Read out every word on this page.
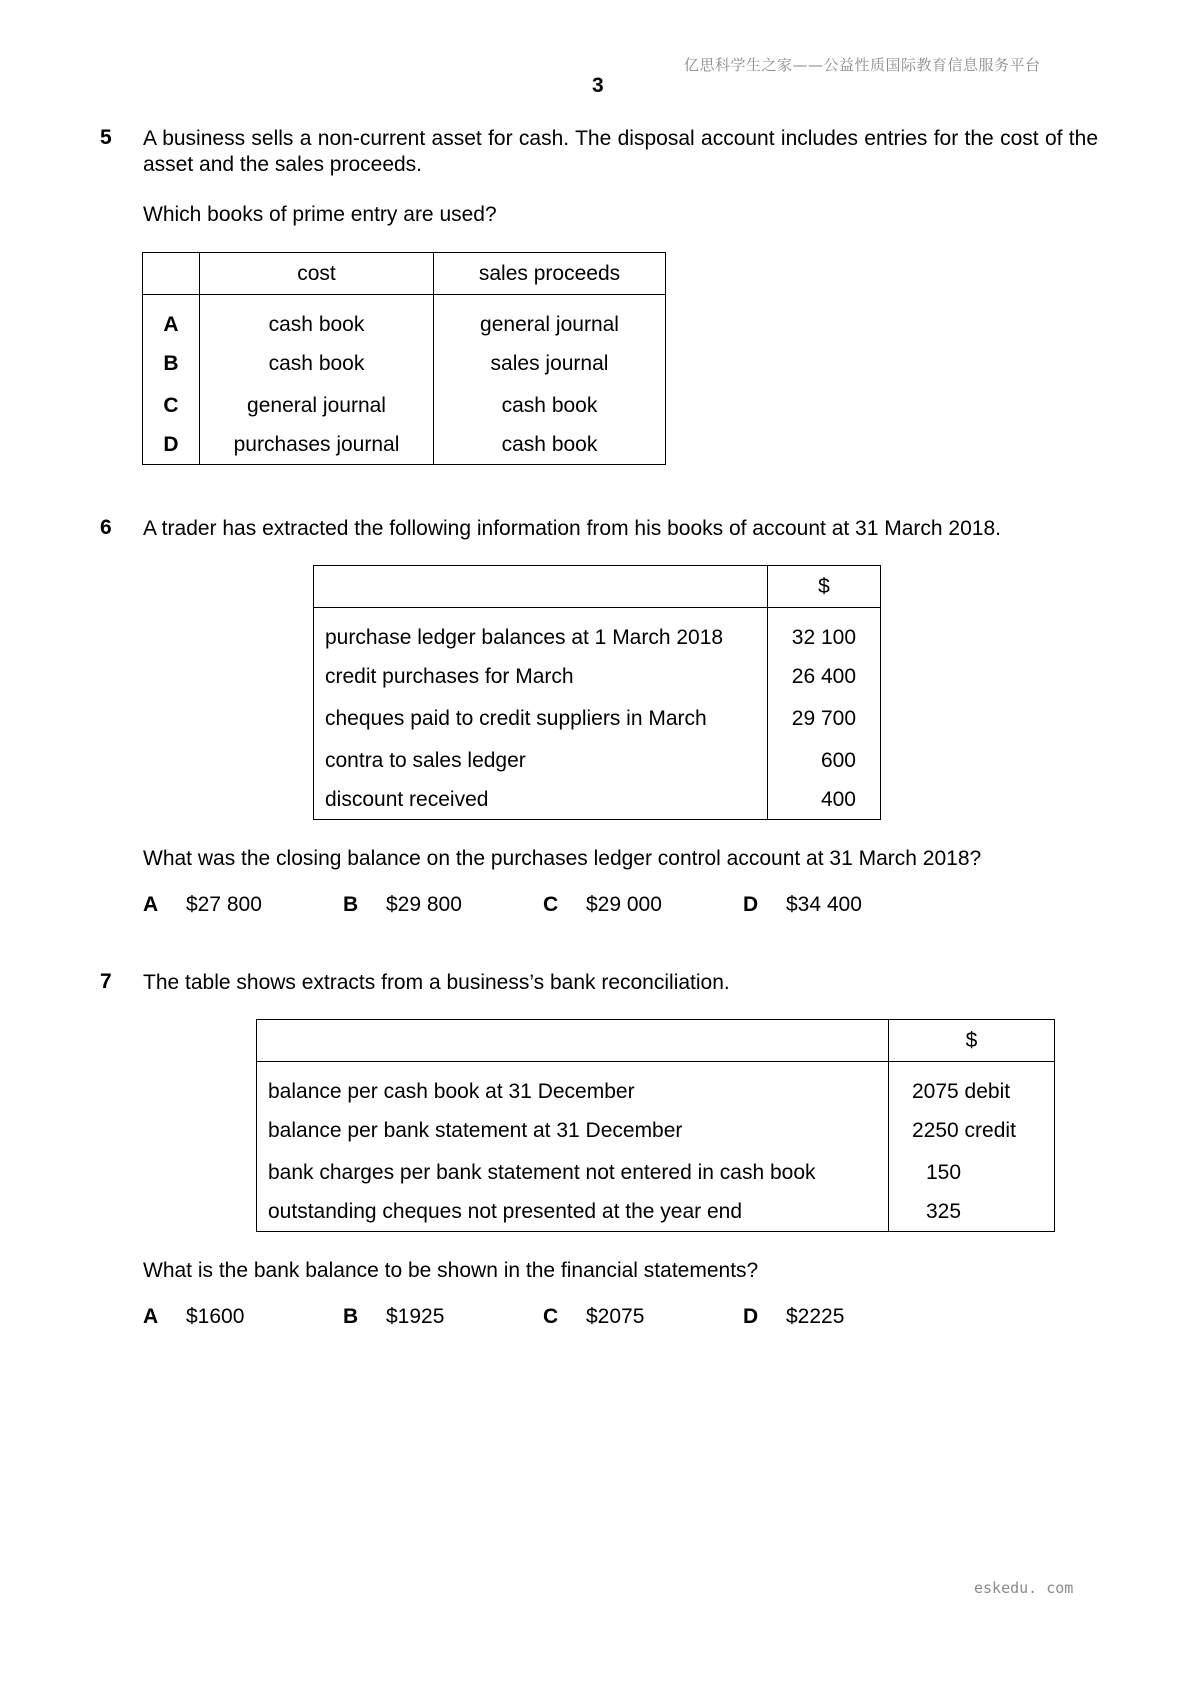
亿思科学生之家——公益性质国际教育信息服务平台
3
5 A business sells a non-current asset for cash. The disposal account includes entries for the cost of the asset and the sales proceeds.
Which books of prime entry are used?
	cost	sales proceeds
A	cash book	general journal
B	cash book	sales journal
C	general journal	cash book
D	purchases journal	cash book
6 A trader has extracted the following information from his books of account at 31 March 2018.
	$
purchase ledger balances at 1 March 2018	32 100
credit purchases for March	26 400
cheques paid to credit suppliers in March	29 700
contra to sales ledger	600
discount received	400
What was the closing balance on the purchases ledger control account at 31 March 2018?
A $27 800	B $29 800	C $29 000	D $34 400
7 The table shows extracts from a business’s bank reconciliation.
	$
balance per cash book at 31 December	2075 debit
balance per bank statement at 31 December	2250 credit
bank charges per bank statement not entered in cash book	150
outstanding cheques not presented at the year end	325
What is the bank balance to be shown in the financial statements?
A $1600	B $1925	C $2075	D $2225
eskedu. com
